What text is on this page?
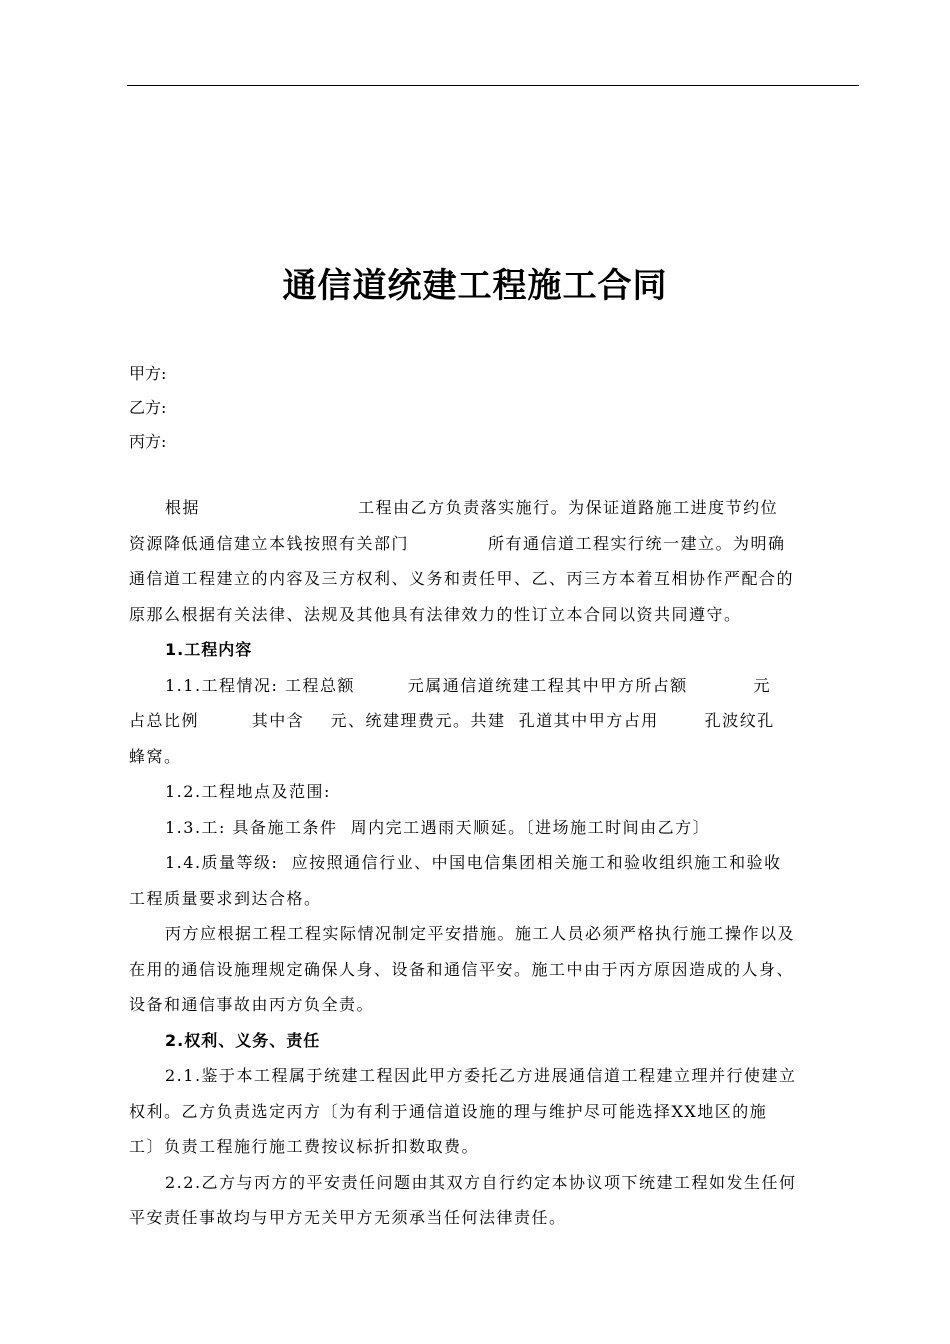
通信道统建工程施工合同
甲方:
乙方:
丙方:
根据                        工程由乙方负责落实施行。为保证道路施工进度节约位
资源降低通信建立本钱按照有关部门            所有通信道工程实行统一建立。为明确
通信道工程建立的内容及三方权利、义务和责任甲、乙、丙三方本着互相协作严配合的
原那么根据有关法律、法规及其他具有法律效力的性订立本合同以资共同遵守。
1.工程内容
1.1.工程情况: 工程总额        元属通信道统建工程其中甲方所占额          元
占总比例        其中含    元、统建理费元。共建  孔道其中甲方占用       孔波纹孔
蜂窝。
1.2.工程地点及范围:
1.3.工: 具备施工条件  周内完工遇雨天顺延。〔进场施工时间由乙方〕
1.4.质量等级:  应按照通信行业、中国电信集团相关施工和验收组织施工和验收
工程质量要求到达合格。
丙方应根据工程工程实际情况制定平安措施。施工人员必须严格执行施工操作以及
在用的通信设施理规定确保人身、设备和通信平安。施工中由于丙方原因造成的人身、
设备和通信事故由丙方负全责。
2.权利、义务、责任
2.1.鉴于本工程属于统建工程因此甲方委托乙方进展通信道工程建立理并行使建立
权利。乙方负责选定丙方〔为有利于通信道设施的理与维护尽可能选择XX地区的施
工〕负责工程施行施工费按议标折扣数取费。
2.2.乙方与丙方的平安责任问题由其双方自行约定本协议项下统建工程如发生任何
平安责任事故均与甲方无关甲方无须承当任何法律责任。
